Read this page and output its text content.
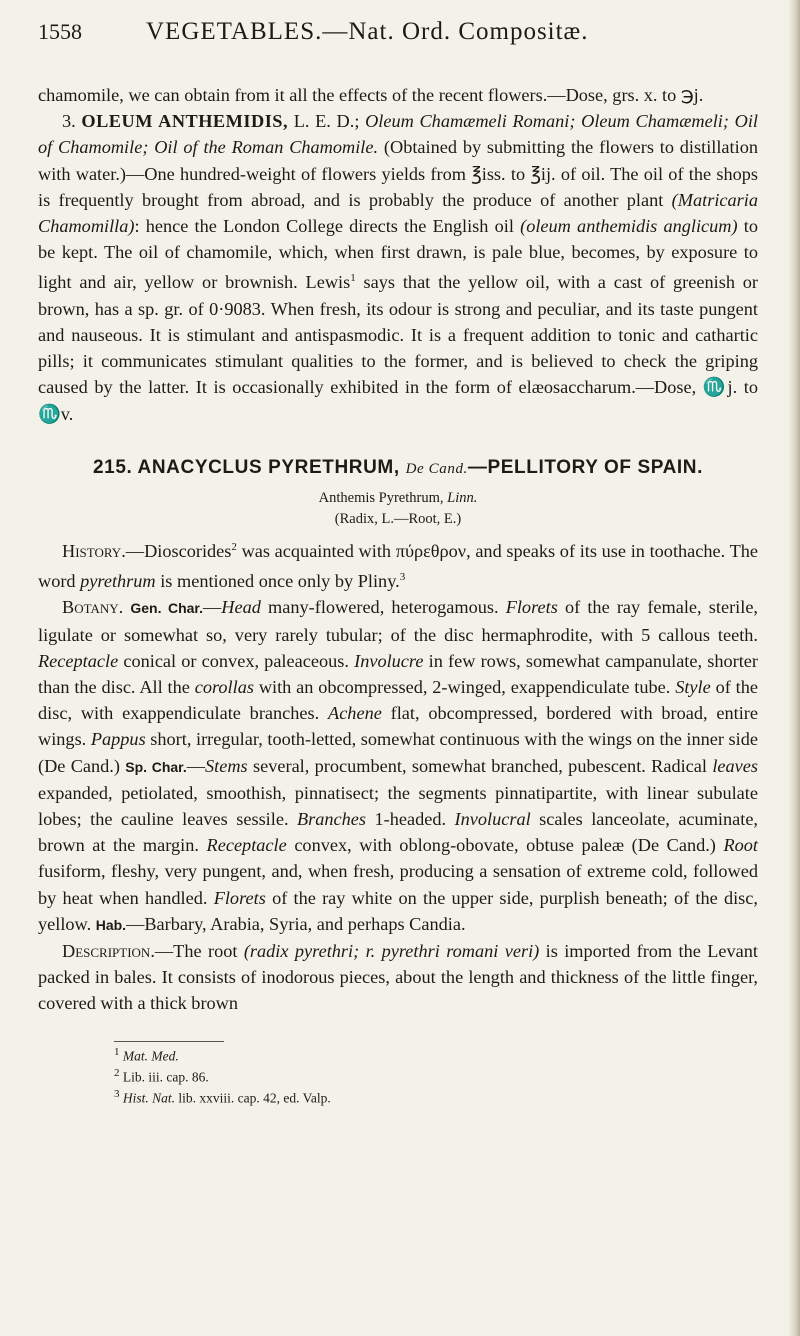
1558	VEGETABLES.—Nat. Ord. Compositæ.

chamomile, we can obtain from it all the effects of the recent flowers.—Dose, grs. x. to ℈j.

3. OLEUM ANTHEMIDIS, L. E. D.; Oleum Chamæmeli Romani; Oleum Chamæmeli; Oil of Chamomile; Oil of the Roman Chamomile. (Obtained by submitting the flowers to distillation with water.)—One hundred-weight of flowers yields from ℥iss. to ℥ij. of oil. The oil of the shops is frequently brought from abroad, and is probably the produce of another plant (Matricaria Chamomilla): hence the London College directs the English oil (oleum anthemidis anglicum) to be kept. The oil of chamomile, which, when first drawn, is pale blue, becomes, by exposure to light and air, yellow or brownish. Lewis$^1$ says that the yellow oil, with a cast of greenish or brown, has a sp. gr. of 0·9083. When fresh, its odour is strong and peculiar, and its taste pungent and nauseous. It is stimulant and antispasmodic. It is a frequent addition to tonic and cathartic pills; it communicates stimulant qualities to the former, and is believed to check the griping caused by the latter. It is occasionally exhibited in the form of elæosaccharum.—Dose, ♏j. to ♏v.

215. ANACYCLUS PYRETHRUM, De Cand.—PELLITORY OF SPAIN.
Anthemis Pyrethrum, Linn.
(Radix, L.—Root, E.)

History.—Dioscorides$^2$ was acquainted with πύρεθρον, and speaks of its use in toothache. The word pyrethrum is mentioned once only by Pliny.$^3$

Botany. Gen. Char.—Head many-flowered, heterogamous. Florets of the ray female, sterile, ligulate or somewhat so, very rarely tubular; of the disc hermaphrodite, with 5 callous teeth. Receptacle conical or convex, paleaceous. Involucre in few rows, somewhat campanulate, shorter than the disc. All the corollas with an obcompressed, 2-winged, exappendiculate tube. Style of the disc, with exappendiculate branches. Achene flat, obcompressed, bordered with broad, entire wings. Pappus short, irregular, tooth-letted, somewhat continuous with the wings on the inner side (De Cand.) Sp. Char.—Stems several, procumbent, somewhat branched, pubescent. Radical leaves expanded, petiolated, smoothish, pinnatisect; the segments pinnatipartite, with linear subulate lobes; the cauline leaves sessile. Branches 1-headed. Involucral scales lanceolate, acuminate, brown at the margin. Receptacle convex, with oblong-obovate, obtuse paleæ (De Cand.) Root fusiform, fleshy, very pungent, and, when fresh, producing a sensation of extreme cold, followed by heat when handled. Florets of the ray white on the upper side, purplish beneath; of the disc, yellow. Hab.—Barbary, Arabia, Syria, and perhaps Candia.

Description.—The root (radix pyrethri; r. pyrethri romani veri) is imported from the Levant packed in bales. It consists of inodorous pieces, about the length and thickness of the little finger, covered with a thick brown

$^1$ Mat. Med.
$^2$ Lib. iii. cap. 86.
$^3$ Hist. Nat. lib. xxviii. cap. 42, ed. Valp.
